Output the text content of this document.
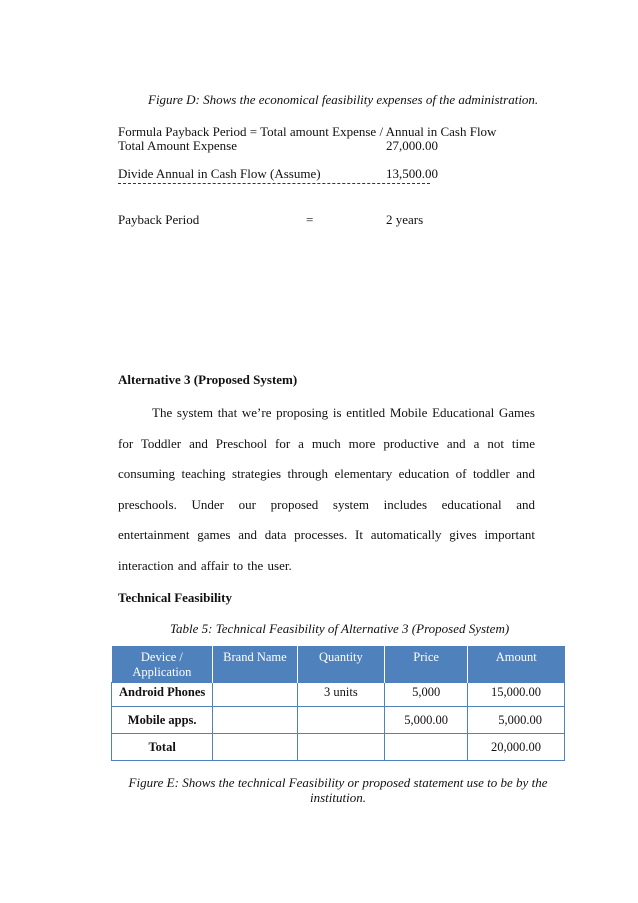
Figure D: Shows the economical feasibility expenses of the administration.
Formula Payback Period = Total amount Expense / Annual in Cash Flow
Total Amount Expense	27,000.00
Divide Annual in Cash Flow (Assume)	13,500.00
Payback Period	=	2 years
Alternative 3 (Proposed System)
The system that we’re proposing is entitled Mobile Educational Games for Toddler and Preschool for a much more productive and a not time consuming teaching strategies through elementary education of toddler and preschools. Under our proposed system includes educational and entertainment games and data processes. It automatically gives important interaction and affair to the user.
Technical Feasibility
Table 5: Technical Feasibility of Alternative 3 (Proposed System)
Device / Application	Brand Name	Quantity	Price	Amount
Android Phones		3 units	5,000	15,000.00
Mobile apps.			5,000.00	5,000.00
Total				20,000.00
Figure E: Shows the technical Feasibility or proposed statement use to be by the institution.
